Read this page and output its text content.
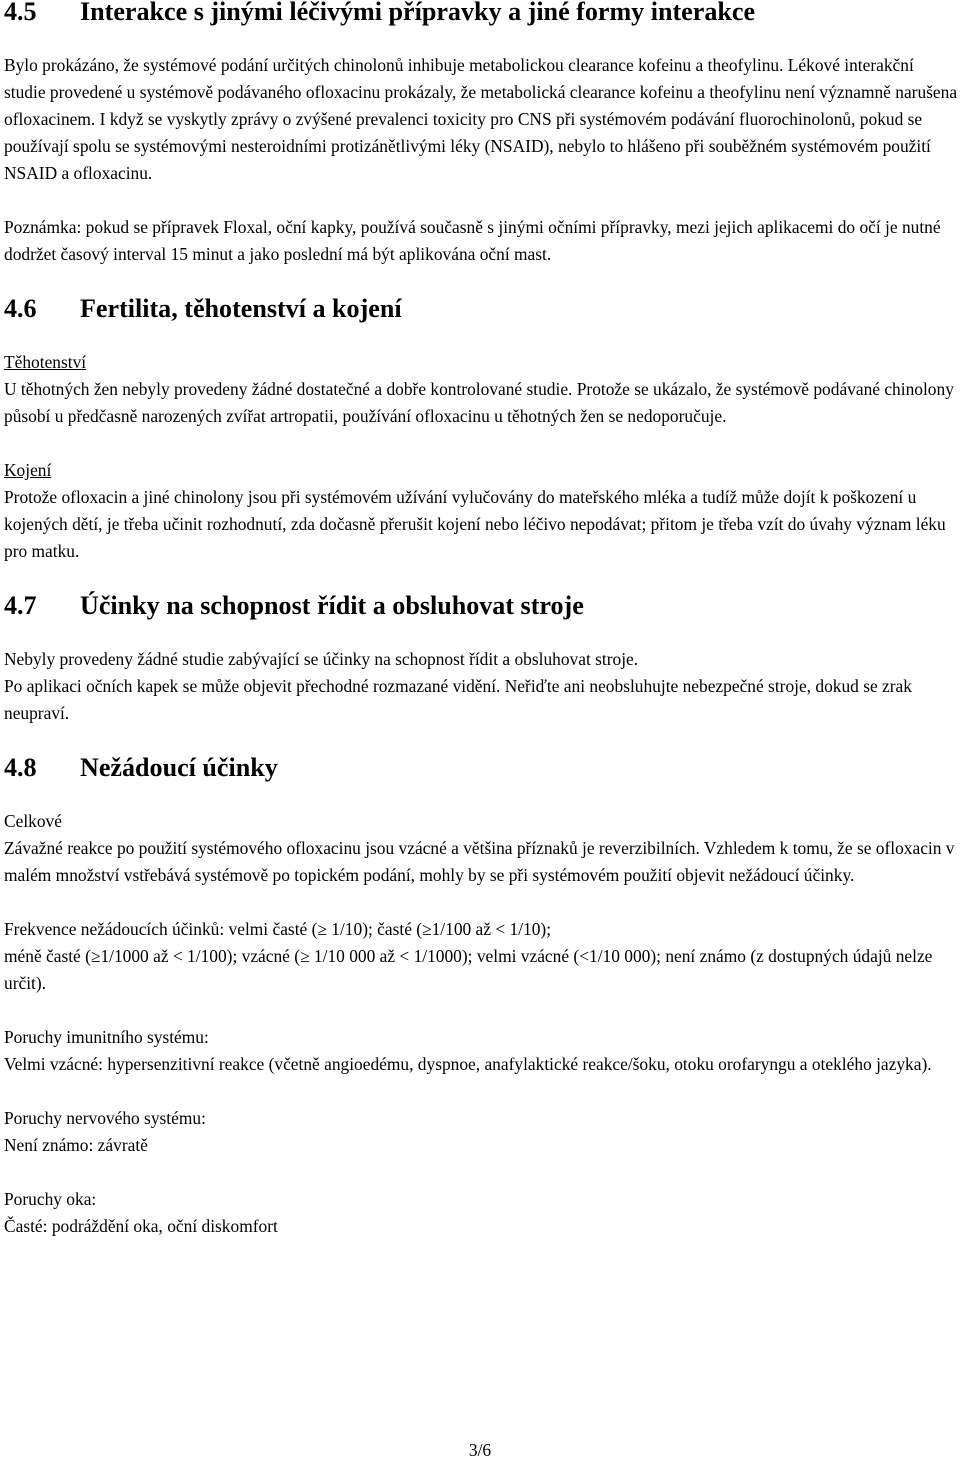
4.5 Interakce s jinými léčivými přípravky a jiné formy interakce

Bylo prokázáno, že systémové podání určitých chinolonů inhibuje metabolickou clearance kofeinu a theofylinu. Lékové interakční studie provedené u systémově podávaného ofloxacinu prokázaly, že metabolická clearance kofeinu a theofylinu není významně narušena ofloxacinem. I když se vyskytly zprávy o zvýšené prevalenci toxicity pro CNS při systémovém podávání fluorochinolonů, pokud se používají spolu se systémovými nesteroidními protizánětlivými léky (NSAID), nebylo to hlášeno při souběžném systémovém použití NSAID a ofloxacinu.

Poznámka: pokud se přípravek Floxal, oční kapky, používá současně s jinými očními přípravky, mezi jejich aplikacemi do očí je nutné dodržet časový interval 15 minut a jako poslední má být aplikována oční mast.

4.6 Fertilita, těhotenství a kojení

Těhotenství

U těhotných žen nebyly provedeny žádné dostatečné a dobře kontrolované studie. Protože se ukázalo, že systémově podávané chinolony působí u předčasně narozených zvířat artropatii, používání ofloxacinu u těhotných žen se nedoporučuje.

Kojení

Protože ofloxacin a jiné chinolony jsou při systémovém užívání vylučovány do mateřského mléka a tudíž může dojít k poškození u kojených dětí, je třeba učinit rozhodnutí, zda dočasně přerušit kojení nebo léčivo nepodávat; přitom je třeba vzít do úvahy význam léku pro matku.

4.7 Účinky na schopnost řídit a obsluhovat stroje

Nebyly provedeny žádné studie zabývající se účinky na schopnost řídit a obsluhovat stroje.

Po aplikaci očních kapek se může objevit přechodné rozmazané vidění. Neřiďte ani neobsluhujte nebezpečné stroje, dokud se zrak neupraví.

4.8 Nežádoucí účinky

Celkové

Závažné reakce po použití systémového ofloxacinu jsou vzácné a většina příznaků je reverzibilních. Vzhledem k tomu, že se ofloxacin v malém množství vstřebává systémově po topickém podání, mohly by se při systémovém použití objevit nežádoucí účinky.

Frekvence nežádoucích účinků: velmi časté (≥ 1/10); časté (≥1/100 až < 1/10);

méně časté (≥1/1000 až < 1/100); vzácné (≥ 1/10 000 až < 1/1000); velmi vzácné (<1/10 000); není známo (z dostupných údajů nelze určit).

Poruchy imunitního systému:

Velmi vzácné: hypersenzitivní reakce (včetně angioedému, dyspnoe, anafylaktické reakce/šoku, otoku orofaryngu a oteklého jazyka).

Poruchy nervového systému:

Není známo: závratě

Poruchy oka:

Časté: podráždění oka, oční diskomfort

3/6
